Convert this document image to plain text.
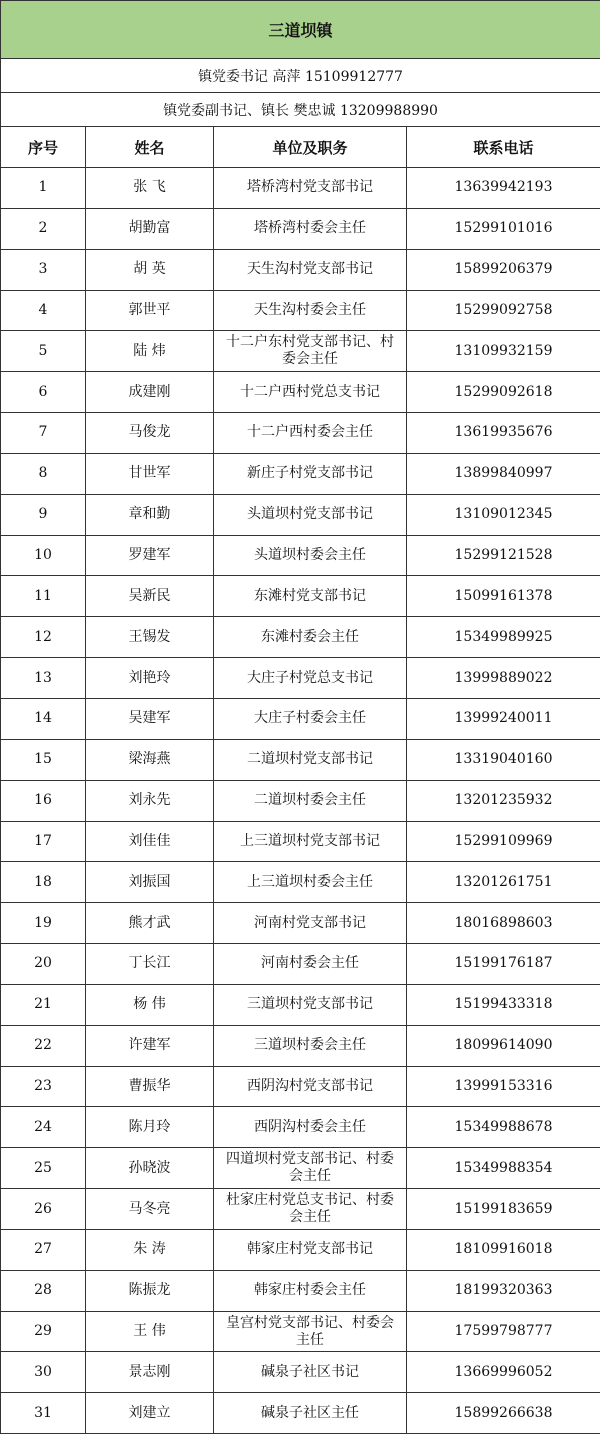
三道坝镇			
镇党委书记 高萍 15109912777			
镇党委副书记、镇长 樊忠诚 13209988990			
序号	姓名	单位及职务	联系电话
1	张 飞	塔桥湾村党支部书记	13639942193
2	胡勤富	塔桥湾村委会主任	15299101016
3	胡 英	天生沟村党支部书记	15899206379
4	郭世平	天生沟村委会主任	15299092758
5	陆 炜	十二户东村党支部书记、村委会主任	13109932159
6	成建刚	十二户西村党总支书记	15299092618
7	马俊龙	十二户西村委会主任	13619935676
8	甘世军	新庄子村党支部书记	13899840997
9	章和勤	头道坝村党支部书记	13109012345
10	罗建军	头道坝村委会主任	15299121528
11	吴新民	东滩村党支部书记	15099161378
12	王锡发	东滩村委会主任	15349989925
13	刘艳玲	大庄子村党总支书记	13999889022
14	吴建军	大庄子村委会主任	13999240011
15	梁海燕	二道坝村党支部书记	13319040160
16	刘永先	二道坝村委会主任	13201235932
17	刘佳佳	上三道坝村党支部书记	15299109969
18	刘振国	上三道坝村委会主任	13201261751
19	熊才武	河南村党支部书记	18016898603
20	丁长江	河南村委会主任	15199176187
21	杨 伟	三道坝村党支部书记	15199433318
22	许建军	三道坝村委会主任	18099614090
23	曹振华	西阴沟村党支部书记	13999153316
24	陈月玲	西阴沟村委会主任	15349988678
25	孙晓波	四道坝村党支部书记、村委会主任	15349988354
26	马冬亮	杜家庄村党总支书记、村委会主任	15199183659
27	朱 涛	韩家庄村党支部书记	18109916018
28	陈振龙	韩家庄村委会主任	18199320363
29	王 伟	皇宫村党支部书记、村委会主任	17599798777
30	景志刚	碱泉子社区书记	13669996052
31	刘建立	碱泉子社区主任	15899266638
